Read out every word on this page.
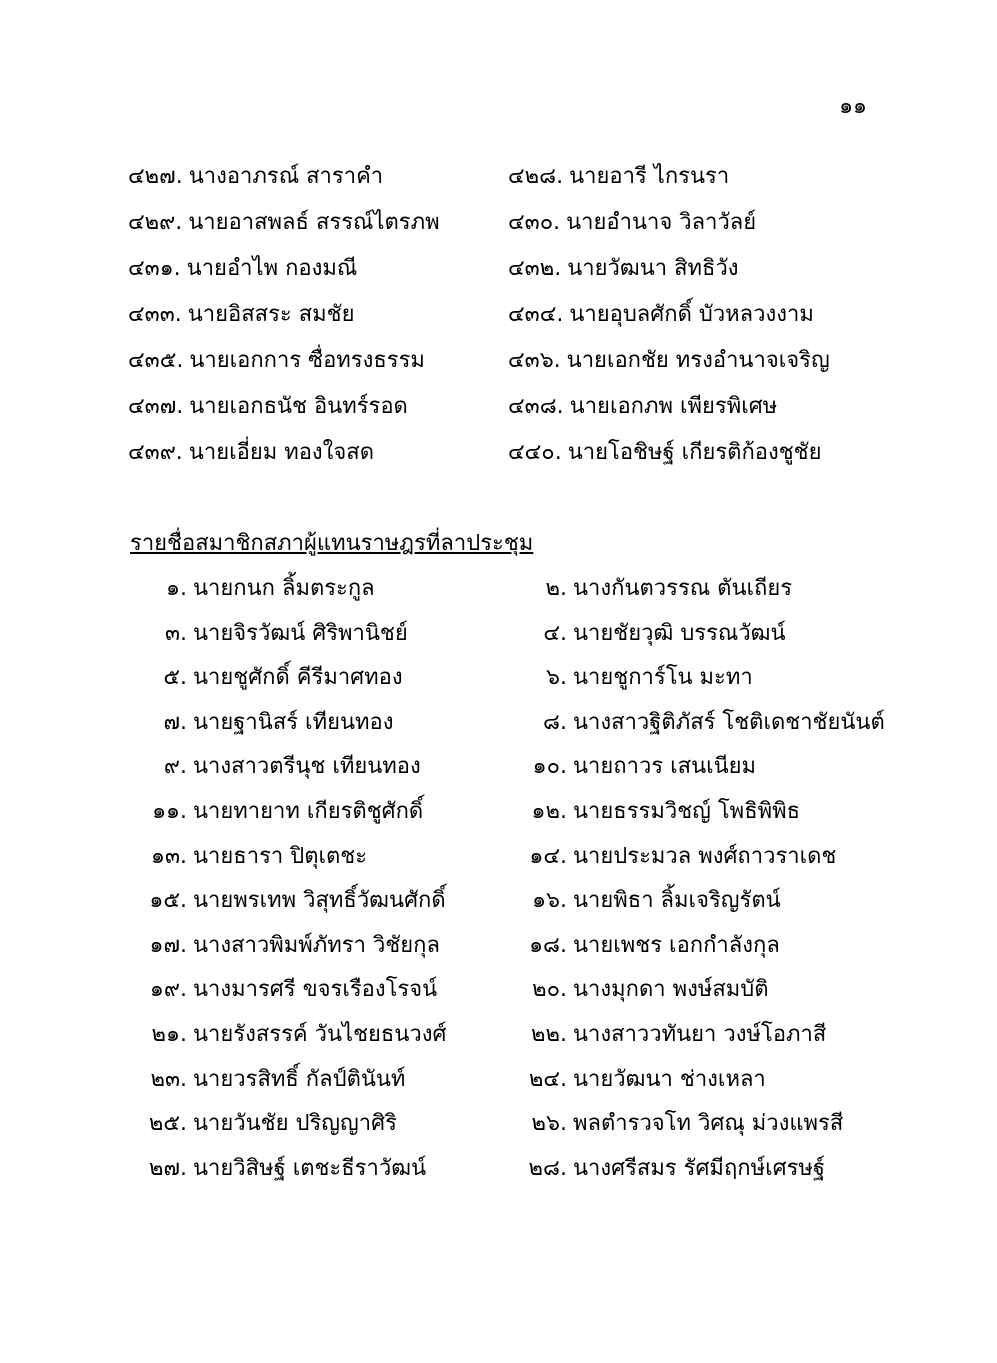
๑๑
๔๒๗. นางอาภรณ์ สาราคำ	๔๒๘. นายอารี ไกรนรา
๔๒๙. นายอาสพลธ์ สรรณ์ไตรภพ	๔๓๐. นายอำนาจ วิลาวัลย์
๔๓๑. นายอำไพ กองมณี	๔๓๒. นายวัฒนา สิทธิวัง
๔๓๓. นายอิสสระ สมชัย	๔๓๔. นายอุบลศักดิ์ บัวหลวงงาม
๔๓๕. นายเอกการ ซื่อทรงธรรม	๔๓๖. นายเอกชัย ทรงอำนาจเจริญ
๔๓๗. นายเอกธนัช อินทร์รอด	๔๓๘. นายเอกภพ เพียรพิเศษ
๔๓๙. นายเอี่ยม ทองใจสด	๔๔๐. นายโอชิษฐ์ เกียรติก้องชูชัย
รายชื่อสมาชิกสภาผู้แทนราษฎรที่ลาประชุม
๑. นายกนก ลิ้มตระกูล	๒. นางกันตวรรณ ตันเถียร
๓. นายจิรวัฒน์ ศิริพานิชย์	๔. นายชัยวุฒิ บรรณวัฒน์
๕. นายชูศักดิ์ คีรีมาศทอง	๖. นายชูการ์โน มะทา
๗. นายฐานิสร์ เทียนทอง	๘. นางสาวฐิติภัสร์ โชติเดชาชัยนันต์
๙. นางสาวตรีนุช เทียนทอง	๑๐. นายถาวร เสนเนียม
๑๑. นายทายาท เกียรติชูศักดิ์	๑๒. นายธรรมวิชญ์ โพธิพิพิธ
๑๓. นายธารา ปิตุเตชะ	๑๔. นายประมวล พงศ์ถาวราเดช
๑๕. นายพรเทพ วิสุทธิ์วัฒนศักดิ์	๑๖. นายพิธา ลิ้มเจริญรัตน์
๑๗. นางสาวพิมพ์ภัทรา วิชัยกุล	๑๘. นายเพชร เอกกำลังกุล
๑๙. นางมารศรี ขจรเรืองโรจน์	๒๐. นางมุกดา พงษ์สมบัติ
๒๑. นายรังสรรค์ วันไชยธนวงศ์	๒๒. นางสาววทันยา วงษ์โอภาสี
๒๓. นายวรสิทธิ์ กัลป์ตินันท์	๒๔. นายวัฒนา ช่างเหลา
๒๕. นายวันชัย ปริญญาศิริ	๒๖. พลตำรวจโท วิศณุ ม่วงแพรสี
๒๗. นายวิสิษฐ์ เตชะธีราวัฒน์	๒๘. นางศรีสมร รัศมีฤกษ์เศรษฐ์
